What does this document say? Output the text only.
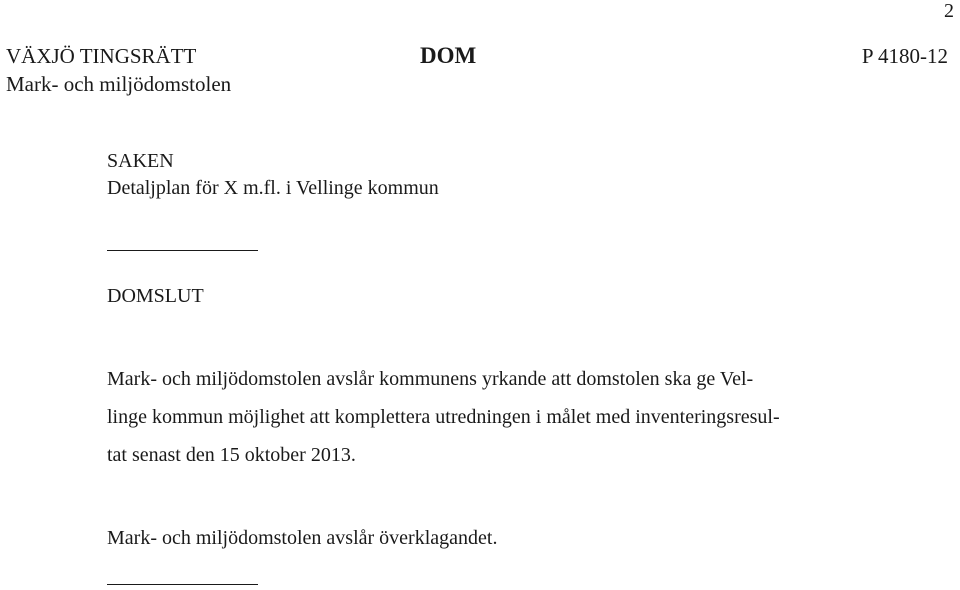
2
VÄXJÖ TINGSRÄTT
Mark- och miljödomstolen
DOM	P 4180-12
SAKEN
Detaljplan för X m.fl. i Vellinge kommun
DOMSLUT
Mark- och miljödomstolen avslår kommunens yrkande att domstolen ska ge Vel-
linge kommun möjlighet att komplettera utredningen i målet med inventeringsresul-
tat senast den 15 oktober 2013.
Mark- och miljödomstolen avslår överklagandet.
